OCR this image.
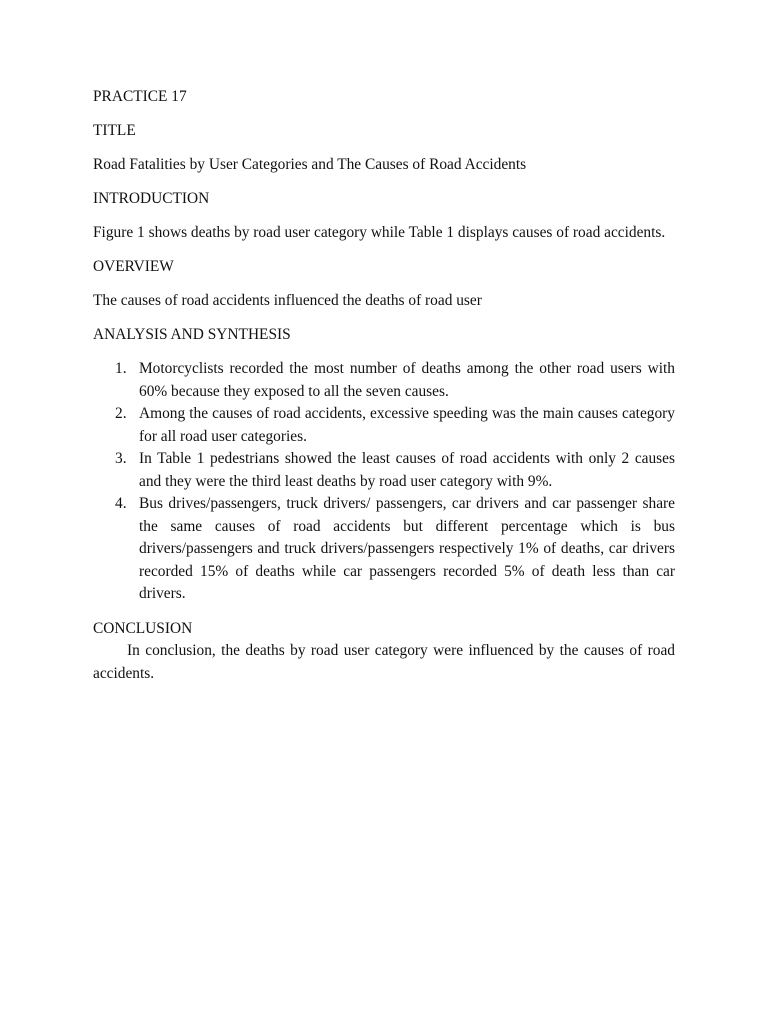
PRACTICE 17

TITLE

Road Fatalities by User Categories and The Causes of Road Accidents

INTRODUCTION

Figure 1 shows deaths by road user category while Table 1 displays causes of road accidents.

OVERVIEW

The causes of road accidents influenced the deaths of road user

ANALYSIS AND SYNTHESIS

1. Motorcyclists recorded the most number of deaths among the other road users with 60% because they exposed to all the seven causes.
2. Among the causes of road accidents, excessive speeding was the main causes category for all road user categories.
3. In Table 1 pedestrians showed the least causes of road accidents with only 2 causes and they were the third least deaths by road user category with 9%.
4. Bus drives/passengers, truck drivers/ passengers, car drivers and car passenger share the same causes of road accidents but different percentage which is bus drivers/passengers and truck drivers/passengers respectively 1% of deaths, car drivers recorded 15% of deaths while car passengers recorded 5% of death less than car drivers.

CONCLUSION

In conclusion, the deaths by road user category were influenced by the causes of road accidents.
